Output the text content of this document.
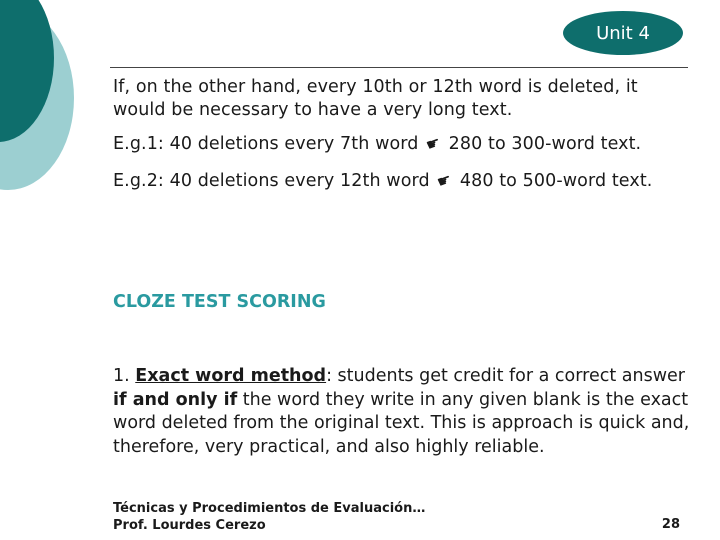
Unit 4

If, on the other hand, every 10th or 12th word is deleted, it would be necessary to have a very long text.

E.g.1: 40 deletions every 7th word ☛ 280 to 300-word text.

E.g.2: 40 deletions every 12th word ☛ 480 to 500-word text.

CLOZE TEST SCORING

1. Exact word method: students get credit for a correct answer if and only if the word they write in any given blank is the exact word deleted from the original text. This is approach is quick and, therefore, very practical, and also highly reliable.

Técnicas y Procedimientos de Evaluación…
Prof. Lourdes Cerezo	28
